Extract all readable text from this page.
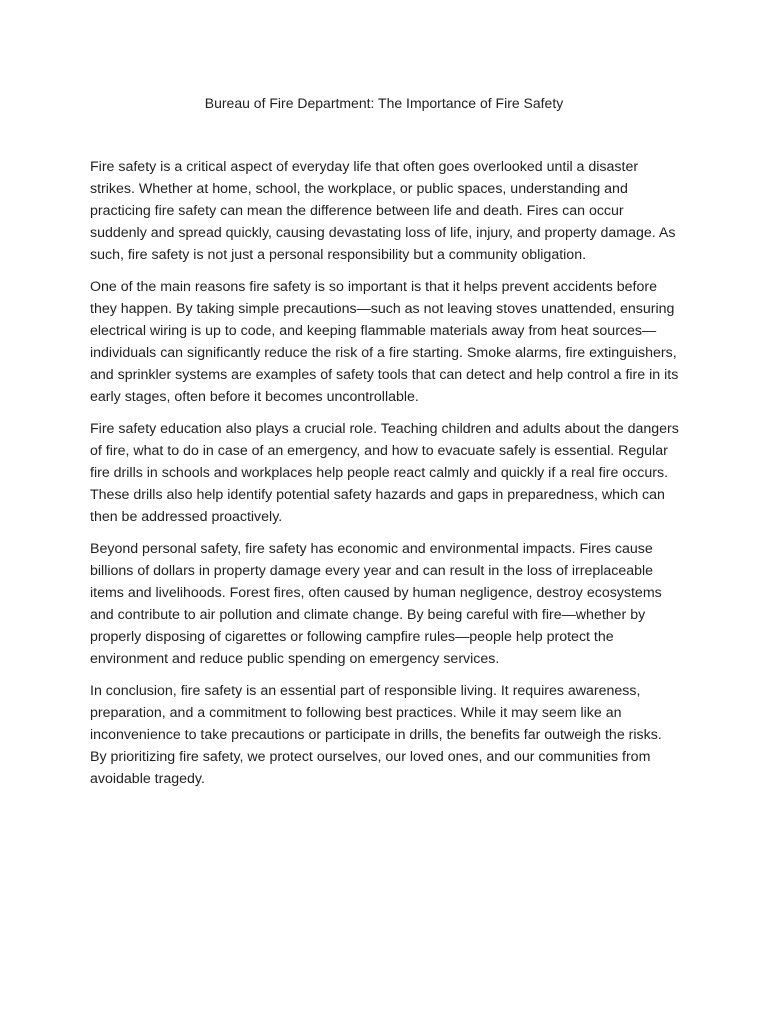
Bureau of Fire Department: The Importance of Fire Safety

Fire safety is a critical aspect of everyday life that often goes overlooked until a disaster strikes. Whether at home, school, the workplace, or public spaces, understanding and practicing fire safety can mean the difference between life and death. Fires can occur suddenly and spread quickly, causing devastating loss of life, injury, and property damage. As such, fire safety is not just a personal responsibility but a community obligation.

One of the main reasons fire safety is so important is that it helps prevent accidents before they happen. By taking simple precautions—such as not leaving stoves unattended, ensuring electrical wiring is up to code, and keeping flammable materials away from heat sources—individuals can significantly reduce the risk of a fire starting. Smoke alarms, fire extinguishers, and sprinkler systems are examples of safety tools that can detect and help control a fire in its early stages, often before it becomes uncontrollable.

Fire safety education also plays a crucial role. Teaching children and adults about the dangers of fire, what to do in case of an emergency, and how to evacuate safely is essential. Regular fire drills in schools and workplaces help people react calmly and quickly if a real fire occurs. These drills also help identify potential safety hazards and gaps in preparedness, which can then be addressed proactively.

Beyond personal safety, fire safety has economic and environmental impacts. Fires cause billions of dollars in property damage every year and can result in the loss of irreplaceable items and livelihoods. Forest fires, often caused by human negligence, destroy ecosystems and contribute to air pollution and climate change. By being careful with fire—whether by properly disposing of cigarettes or following campfire rules—people help protect the environment and reduce public spending on emergency services.

In conclusion, fire safety is an essential part of responsible living. It requires awareness, preparation, and a commitment to following best practices. While it may seem like an inconvenience to take precautions or participate in drills, the benefits far outweigh the risks. By prioritizing fire safety, we protect ourselves, our loved ones, and our communities from avoidable tragedy.
